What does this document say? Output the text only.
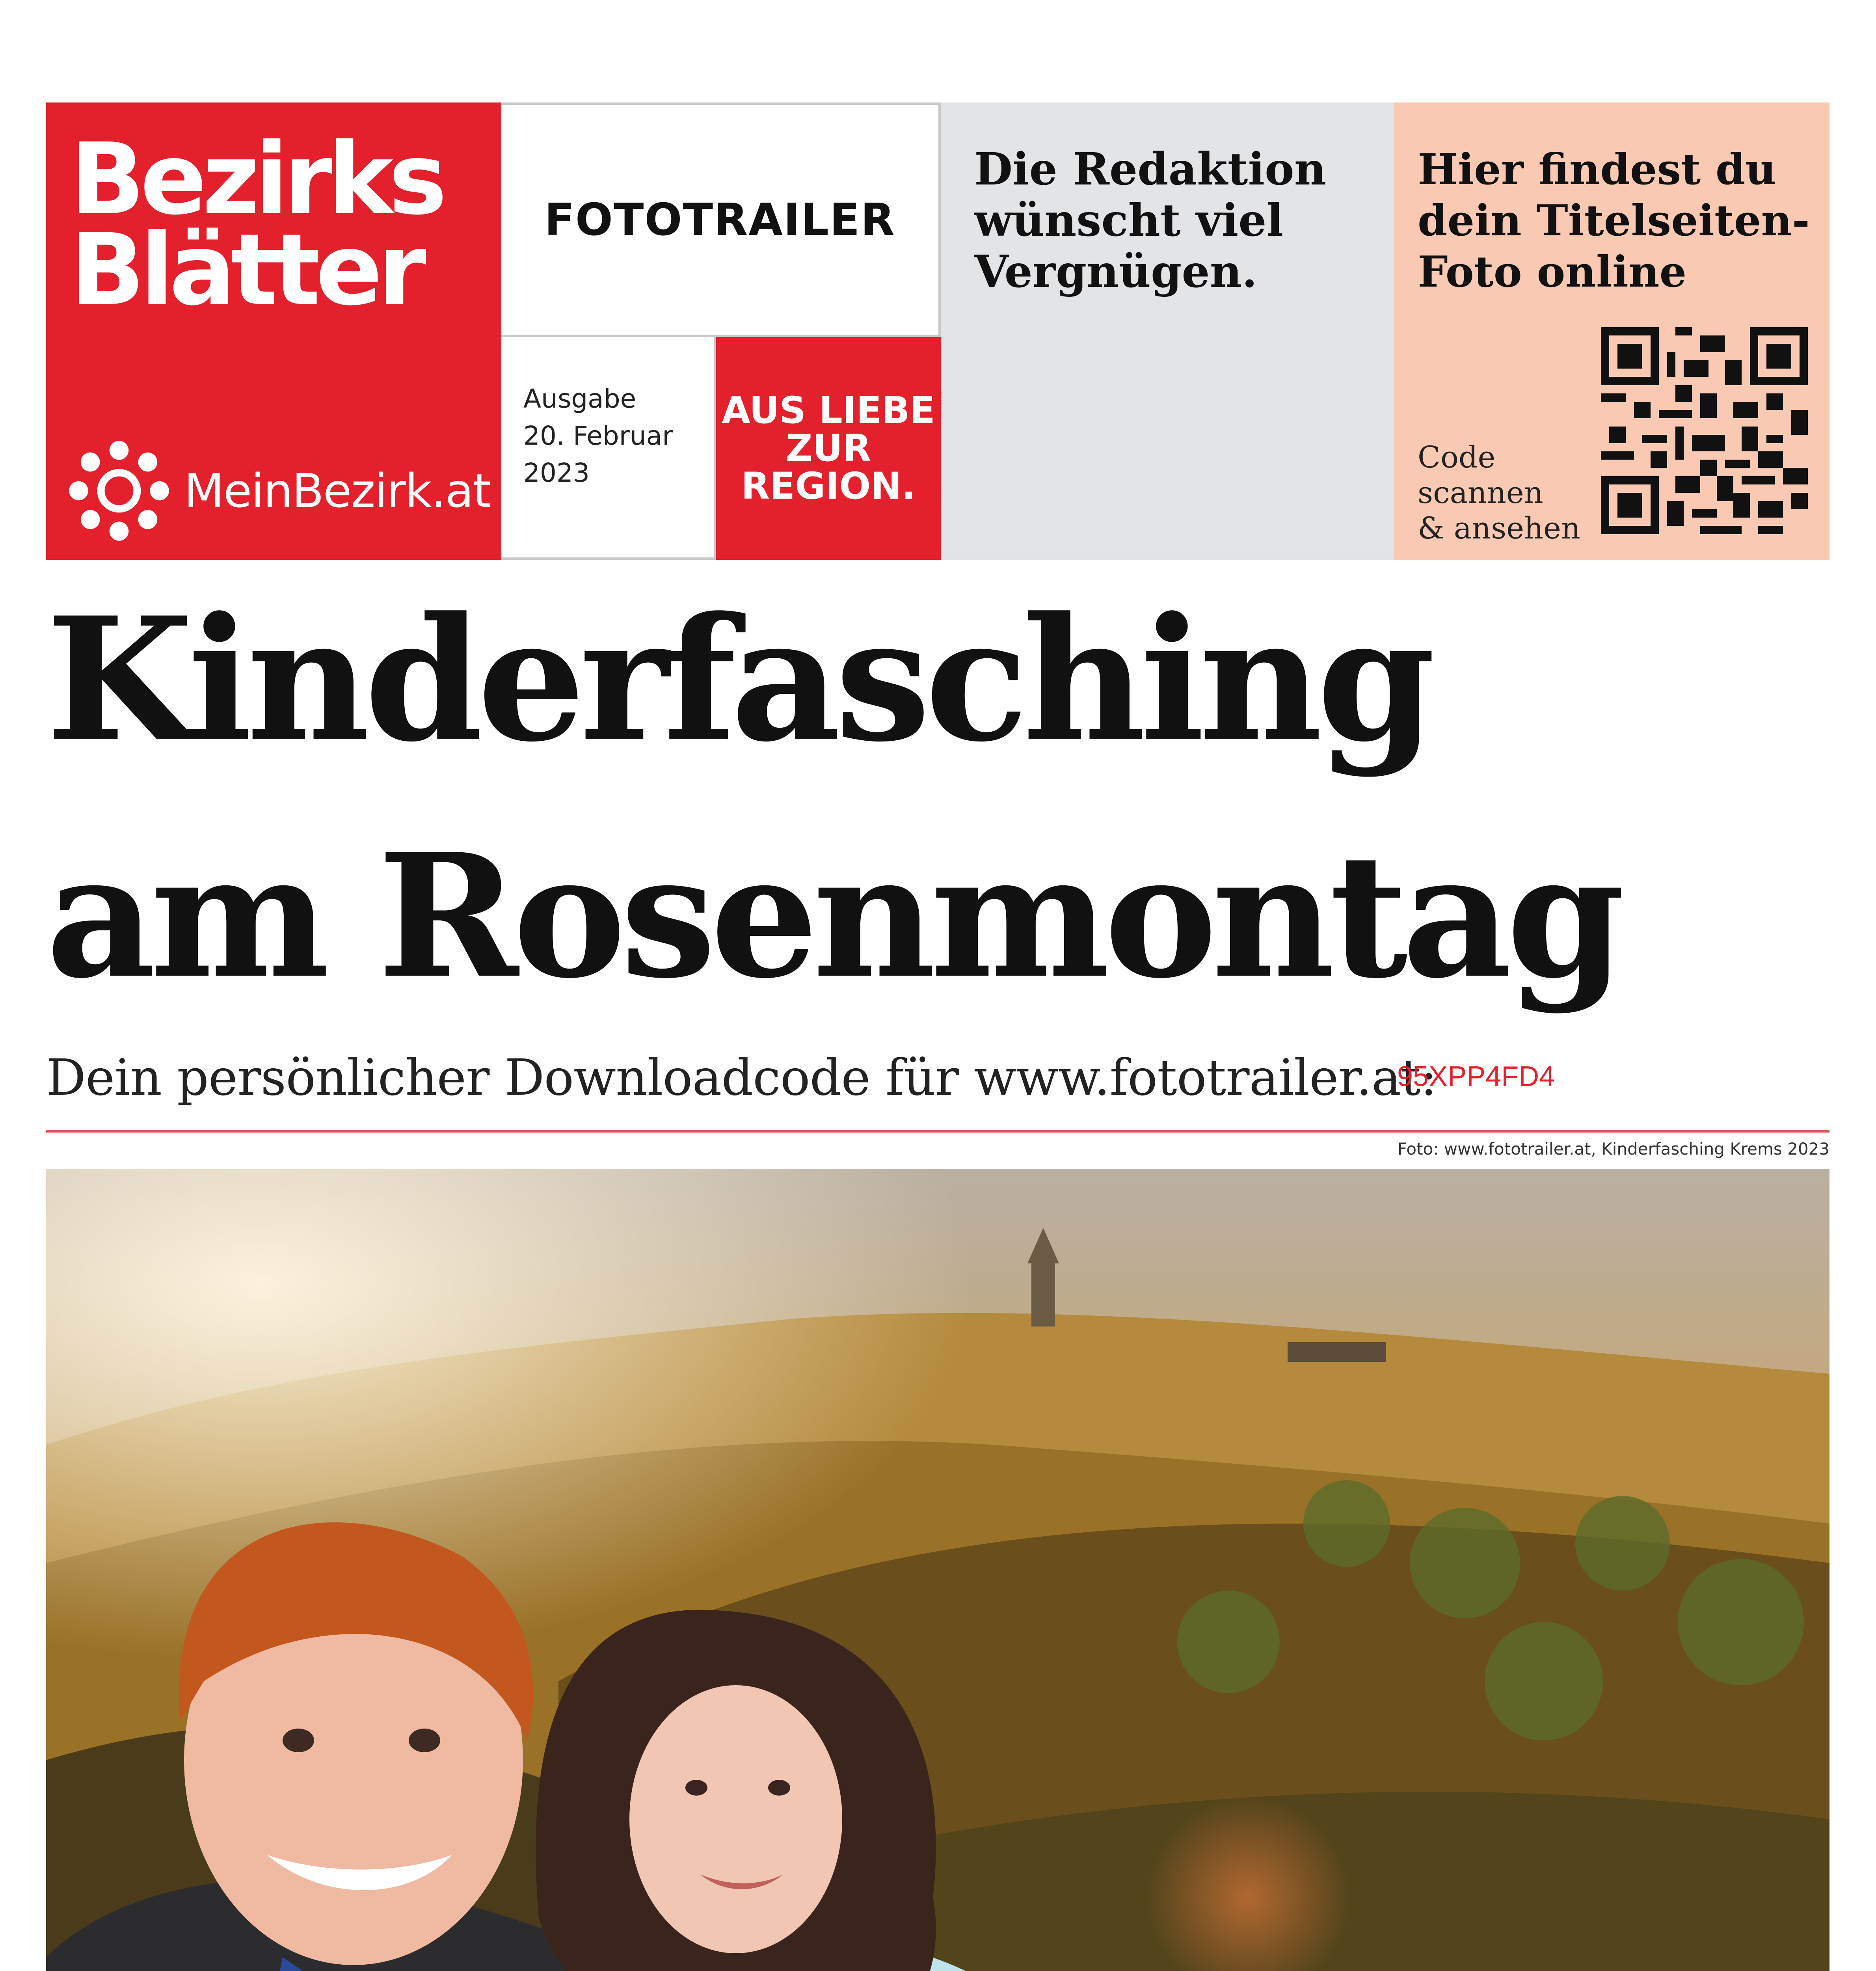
Bezirks
Blätter
MeinBezirk.at
FOTOTRAILER
Ausgabe
20. Februar
2023
AUS LIEBE
ZUR
REGION.
Die Redaktion
wünscht viel
Vergnügen.
Hier findest du
dein Titelseiten-
Foto online
Code
scannen
& ansehen
Kinderfasching
am Rosenmontag
Dein persönlicher Downloadcode für www.fototrailer.at:
95XPP4FD4
Foto: www.fototrailer.at, Kinderfasching Krems 2023
